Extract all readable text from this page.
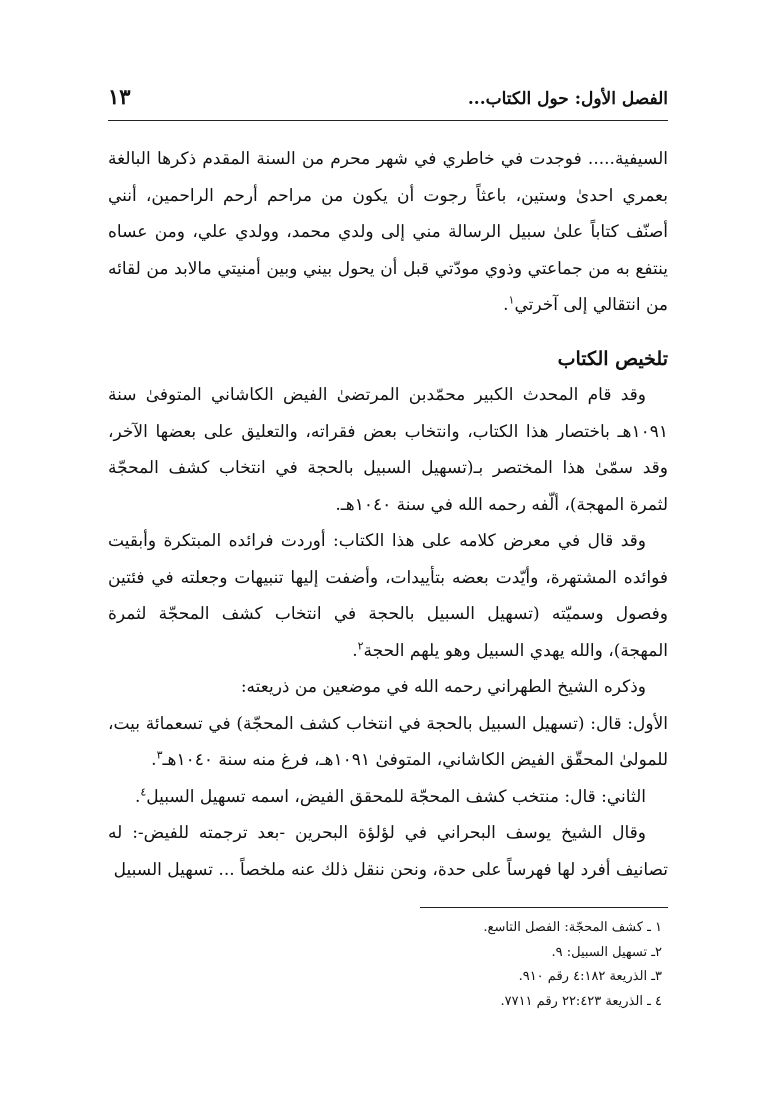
الفصل الأول: حول الكتاب...
١٣

السيفية..... فوجدت في خاطري في شهر محرم من السنة المقدم ذكرها البالغة بعمري احدىٰ وستين، باعثاً رجوت أن يكون من مراحم أرحم الراحمين، أنني أصنّف كتاباً علىٰ سبيل الرسالة مني إلى ولدي محمد، وولدي علي، ومن عساه ينتفع به من جماعتي وذوي مودّتي قبل أن يحول بيني وبين أمنيتي مالابد من لقائه من انتقالي إلى آخرتي$^١$.

تلخيص الكتاب

وقد قام المحدث الكبير محمّدبن المرتضىٰ الفيض الكاشاني المتوفىٰ سنة ١٠٩١هـ باختصار هذا الكتاب، وانتخاب بعض فقراته، والتعليق على بعضها الآخر، وقد سمّىٰ هذا المختصر بـ(تسهيل السبيل بالحجة في انتخاب كشف المحجّة لثمرة المهجة)، ألّفه رحمه الله في سنة ١٠٤٠هـ.

وقد قال في معرض كلامه على هذا الكتاب: أوردت فرائده المبتكرة وأبقيت فوائده المشتهرة، وأيّدت بعضه بتأييدات، وأضفت إليها تنبيهات وجعلته في فئتين وفصول وسميّته (تسهيل السبيل بالحجة في انتخاب كشف المحجّة لثمرة المهجة)، والله يهدي السبيل وهو يلهم الحجة$^٢$.

وذكره الشيخ الطهراني رحمه الله في موضعين من ذريعته:

الأول: قال: (تسهيل السبيل بالحجة في انتخاب كشف المحجّة) في تسعمائة بيت، للمولىٰ المحقّق الفيض الكاشاني، المتوفىٰ ١٠٩١هـ، فرغ منه سنة ١٠٤٠هـ$^٣$.

الثاني: قال: منتخب كشف المحجّة للمحقق الفيض، اسمه تسهيل السبيل$^٤$.

وقال الشيخ يوسف البحراني في لؤلؤة البحرين -بعد ترجمته للفيض-: له تصانيف أفرد لها فهرساً على حدة، ونحن ننقل ذلك عنه ملخصاً ... تسهيل السبيل

١ ـ كشف المحجّة: الفصل التاسع.
٢ـ تسهيل السبيل: ٩.
٣ـ الذريعة ٤:١٨٢ رقم ٩١٠.
٤ ـ الذريعة ٢٢:٤٢٣ رقم ٧٧١١.
